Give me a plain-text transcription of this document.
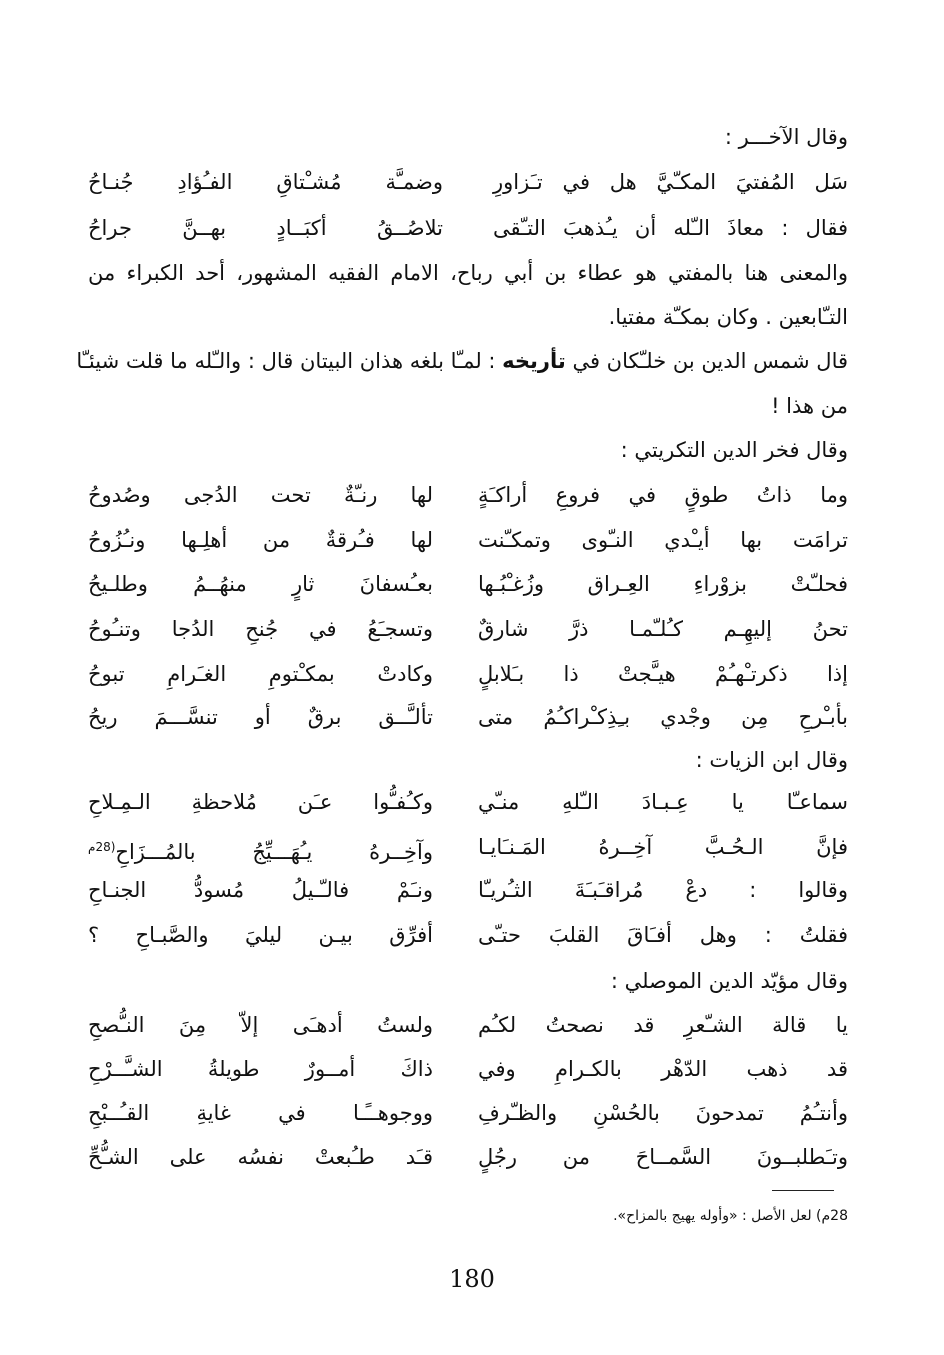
وقال الآخـــر :
سَل المُفتيَ المكـّيَّ هل في تـَزاورِ
وضمـَّة مُشـْتاقِ الفـُؤادِ جُنـاحُ
فقال : معاذَ الـّله أن يـُذهبَ التـّقى
تلاصُــقُ أكبَــادٍ بهــنَّ جراحُ
والمعنى هنا بالمفتي هو عطاء بن أبي رباح، الامام الفقيه المشهور، أحد الكبراء من
التـّابعين . وكان بمكـّة مفتيا.
قال شمس الدين بن خلـّكان في تأريخه : لمـّا بلغه هذان البيتان قال : والـّله ما قلت شيئـّا
من هذا !
وقال فخر الدين التكريتي :
وما ذاتُ طوقٍ في فروعِ أراكـَةٍ
لها رنـّةٌ تحت الدُجى وصُدوحُ
ترامَت بها أيـْدي النـّوى وتمكـّنت
لها فـُرقةٌ من أهلِـها ونـُزُوحُ
فحلـّتْ بزوْراءِ العِـراق وزُغـْبُـها
بعـُسفانَ ثارٍ منهُــمُ وطلـيحُ
تحنُ إليهِـم كـُلـّمـا ذرَّ شارقٌ
وتسجـَعُ في جُنحِ الدُجا وتنـُوحُ
إذا ذكرتـْهـُمْ هيـَّجتْ ذا بـَلابلٍ
وكادتْ بمكـْتومِ الغـَرامِ تبوحُ
بأبـْرحِ مِن وجْدي بـِذِكـْراكـُمُ متى
تألـَّــق برقٌ أو تنسَّـــمَ ريحُ
وقال ابن الزيات :
سماعـّا يا عِـبـادَ الـّلهِ منـّي
وكـُفـُّوا عـَن مُلاحظةِ الـمِـلاحِ
فإنَّ الـحُـبَّ آخِــرهُ المَـنـَايـا
وآخِــرهُ يـُهَـــيِّجُ بالمُـــزَاحِ$^{(28م}$
وقالوا : دعْ مُراقـَبـَةَ الثـُريـّا
ونـَمْ فالـّـيلُ مُسودُّ الجنـاحِ
فقلتُ : وهل أفـَاقَ القلبَ حتـّى
أفرِّق بيـن ليليَ والصَّبـاحِ ؟
وقال مؤيّد الدين الموصلي :
يا قالة الشـّعرِ قد نصحتُ لكـُم
ولستُ أدهـَى إلاّ مِنَ النـُّصحِ
قد ذهب الدّهْر بالكـرامِ وفي
ذاكَ أمــورٌ طويلةُ الشـَّــرْحِ
وأنتـُمُ تمدحونَ بالحُسْنِ والظـّرفِ
ووجوهــًـا في غايةِ القـُــبْحِ
وتـَطلبــونَ السَّمــاحَ من رجُلٍ
قـَد طـُبعتْ نفسُه على الشـُّحِّ
28م) لعل الأصل : «وأوله يهيج بالمزاح».
180
